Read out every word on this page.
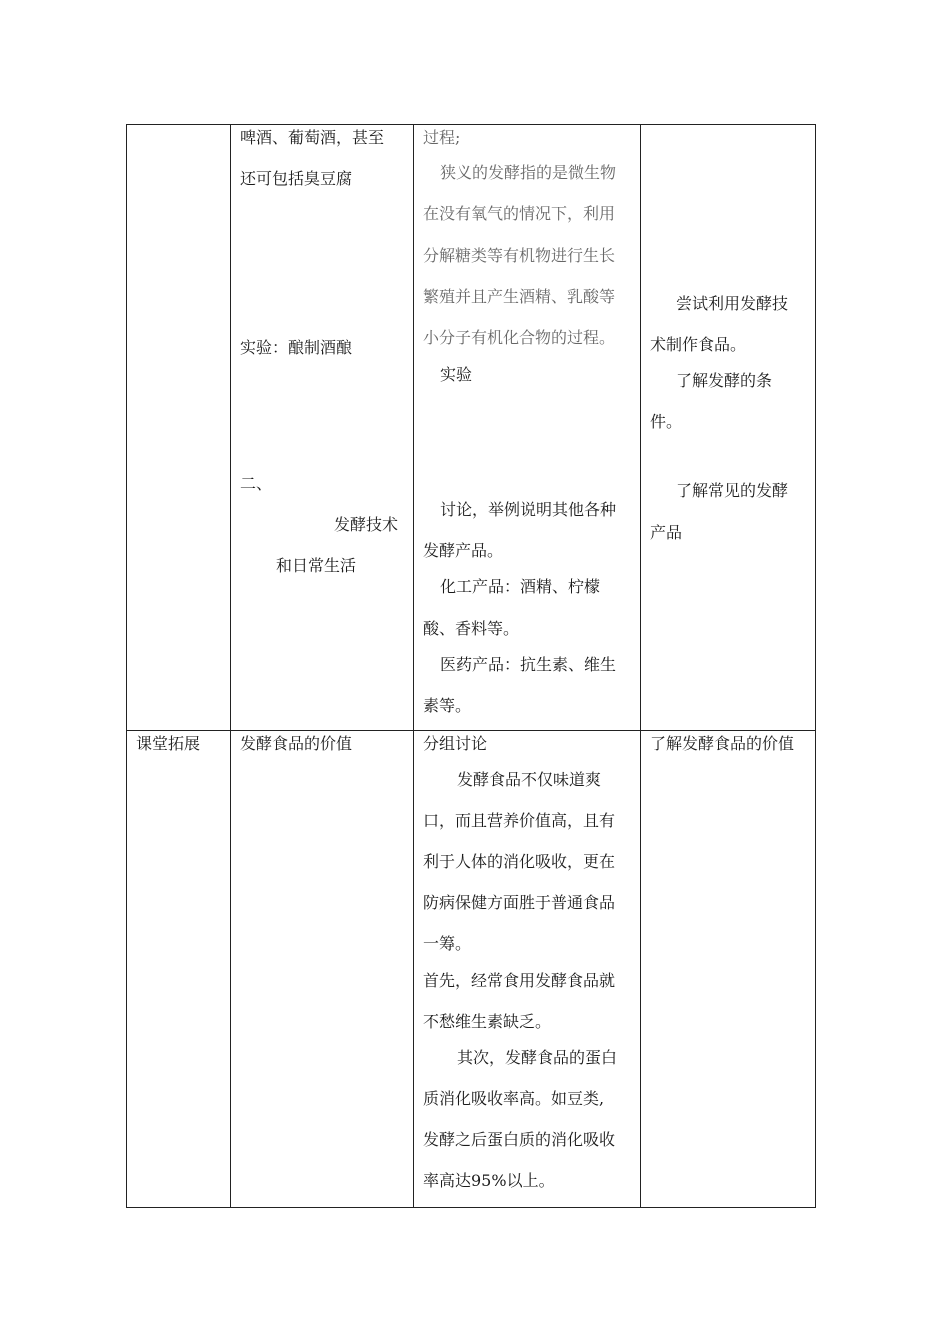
啤酒、葡萄酒，甚至
还可包括臭豆腐
实验：酿制酒酿
二、
发酵技术
和日常生活
过程;
狭义的发酵指的是微生物
在没有氧气的情况下，利用
分解糖类等有机物进行生长
繁殖并且产生酒精、乳酸等
小分子有机化合物的过程。
实验
讨论，举例说明其他各种
发酵产品。
化工产品：酒精、柠檬
酸、香料等。
医药产品：抗生素、维生
素等。
尝试利用发酵技
术制作食品。
了解发酵的条
件。
了解常见的发酵
产品
课堂拓展 发酵食品的价值	分组讨论
发酵食品不仅味道爽
口，而且营养价值高，且有
利于人体的消化吸收，更在
防病保健方面胜于普通食品
一筹。
首先，经常食用发酵食品就
不愁维生素缺乏。
其次，发酵食品的蛋白
质消化吸收率高。如豆类,
发酵之后蛋白质的消化吸收
率高达95%以上。
了解发酵食品的价值
